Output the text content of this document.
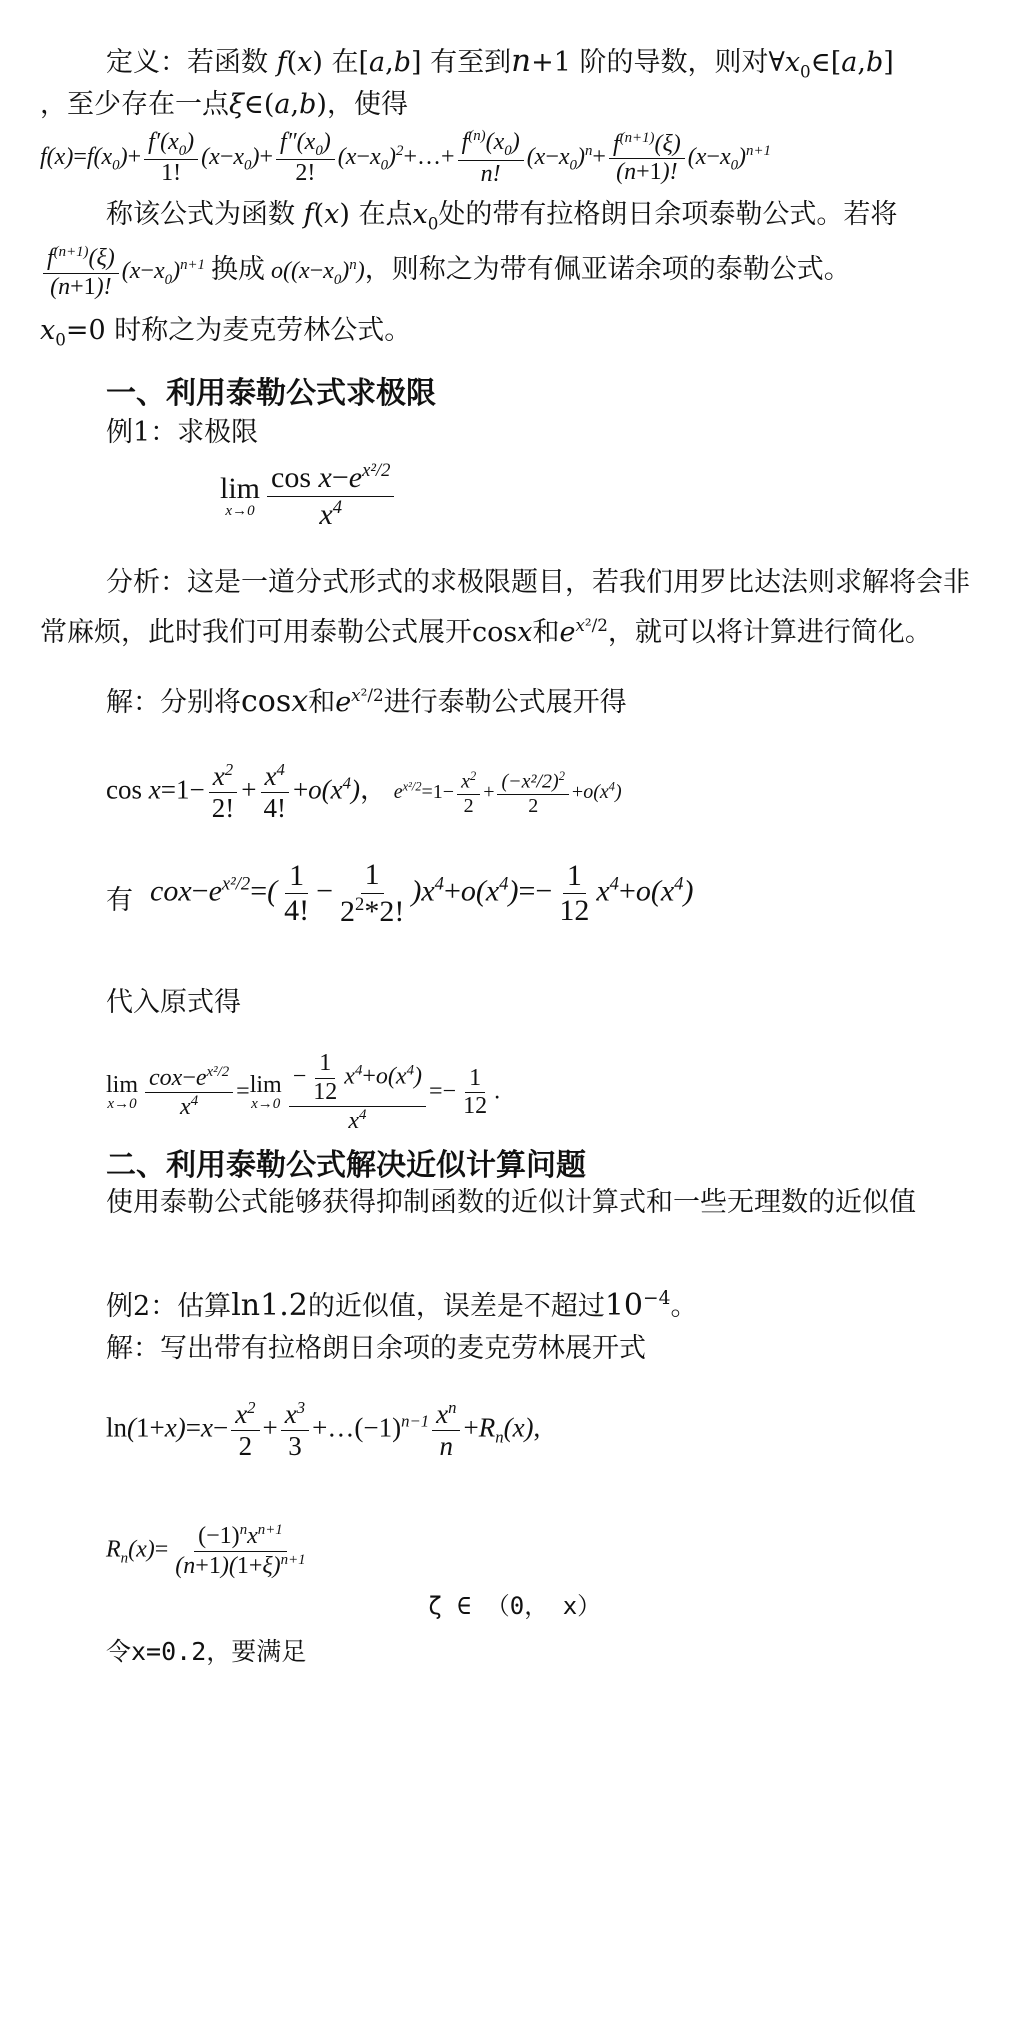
定义：若函数 f(x) 在[a,b] 有至到n+1 阶的导数，则对$\forall x_0\in[a,b]$
，至少存在一点ξ∈(a,b)，使得
$f(x)=f(x_0)+ \frac{f'(x_0)}{1!} (x-x_0)+ \frac{f''(x_0)}{2!}$ $(x-x_0)^2+\dots+ \frac{f^{(n)}(x_0)}{n!} (x-x_0)^n+ \frac{f^{(n+1)}(\xi)}{(n+1)!} (x-x_0)^{n+1}$
称该公式为函数 f(x) 在点$x_0$处的带有拉格朗日余项泰勒公式。若将
$\frac{f^{(n+1)}(\xi)}{(n+1)!} (x-x_0)^{n+1}$ 换成 $o((x-x_0)^n)$，则称之为带有佩亚诺余项的泰勒公式。
$x_0=0$ 时称之为麦克劳林公式。
一、利用泰勒公式求极限
例1：求极限
lim
$x\to 0 \frac{\cos x-e^{x^2/2}}{x^4}$
分析：这是一道分式形式的求极限题目，若我们用罗比达法则求解将会非常麻烦，此时我们可用泰勒公式展开cosx和$e^{x^2/2}$，就可以将计算进行简化。
解：分别将cosx和$e^{x^2/2}$进行泰勒公式展开得
$\cos x=1- \frac{x^2}{2!} + \frac{x^4}{4!} +o(x^4)$， $e^{x^2/2}=1- \frac{x^2}{2} + \frac{(-x^2/2)^2}{2} +o(x^4)$
有 $cox-e^{x^2/2}=( \frac{1}{4!} - \frac{1}{2^2*2!} )x^4+o(x^4)=- \frac{1}{12} x^4+o(x^4)$
代入原式得
lim
$x\to 0 \frac{cox-e^{x^2/2}}{x^4} =\lim$
$x\to 0 \frac{- \frac{1}{12} x^4+o(x^4)}{x^4} =- \frac{1}{12}$ .
二、利用泰勒公式解决近似计算问题
使用泰勒公式能够获得抑制函数的近似计算式和一些无理数的近似值
例2：估算ln1.2的近似值，误差是不超过$10^{-4}$。
解：写出带有拉格朗日余项的麦克劳林展开式
$\ln(1+x)=x- \frac{x^2}{2} + \frac{x^3}{3}$ $+\dots(-1)^{n-1} \frac{x^n}{n} +R_n(x)$,
$R_n(x)= \frac{(-1)^nx^{n+1}}{(n+1)(1+\xi)^{n+1}}$
ζ ∈ （0， x）
令x=0.2，要满足
